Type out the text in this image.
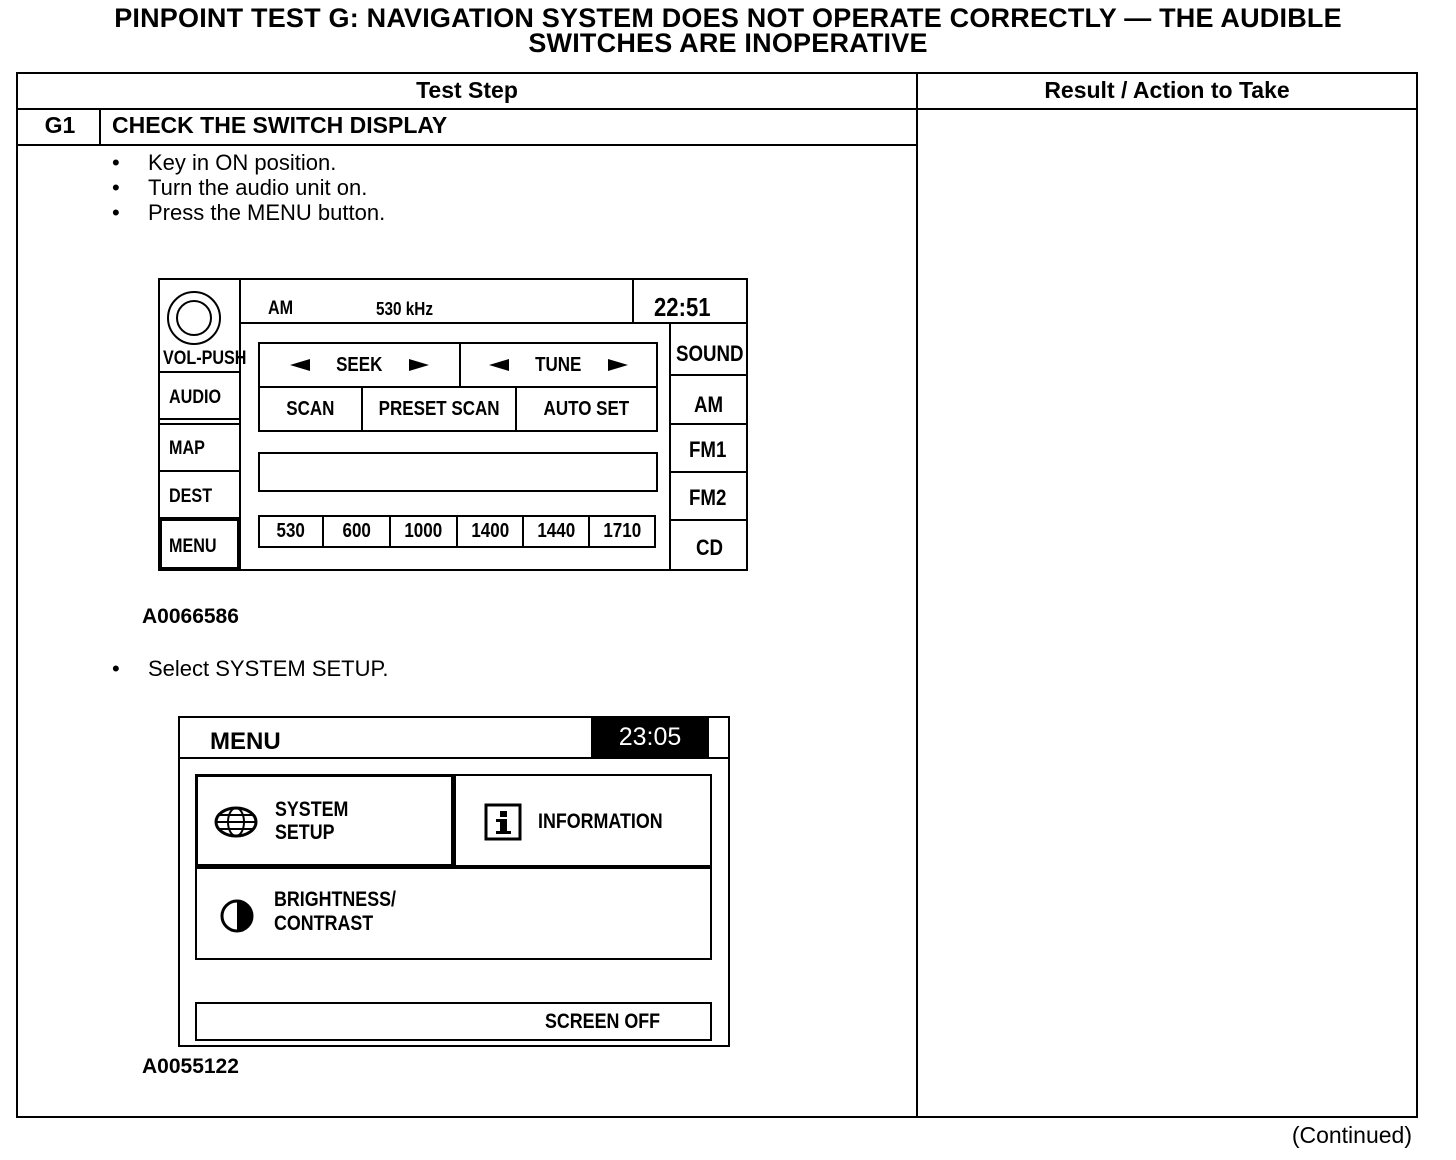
PINPOINT TEST G: NAVIGATION SYSTEM DOES NOT OPERATE CORRECTLY — THE AUDIBLE
SWITCHES ARE INOPERATIVE
Test Step	Result / Action to Take
G1	CHECK THE SWITCH DISPLAY
• Key in ON position.
• Turn the audio unit on.
• Press the MENU button.
VOL-PUSH
AUDIO
MAP
DEST
MENU
AM	530 kHz	22:51
SOUND
AM
FM1
FM2
CD
SEEK	TUNE
SCAN PRESET SCAN AUTO SET
530 600 1000 1400 1440 1710
A0066586
• Select SYSTEM SETUP.
MENU	23:05
SYSTEM
SETUP	INFORMATION
BRIGHTNESS/
CONTRAST
SCREEN OFF
A0055122
(Continued)
